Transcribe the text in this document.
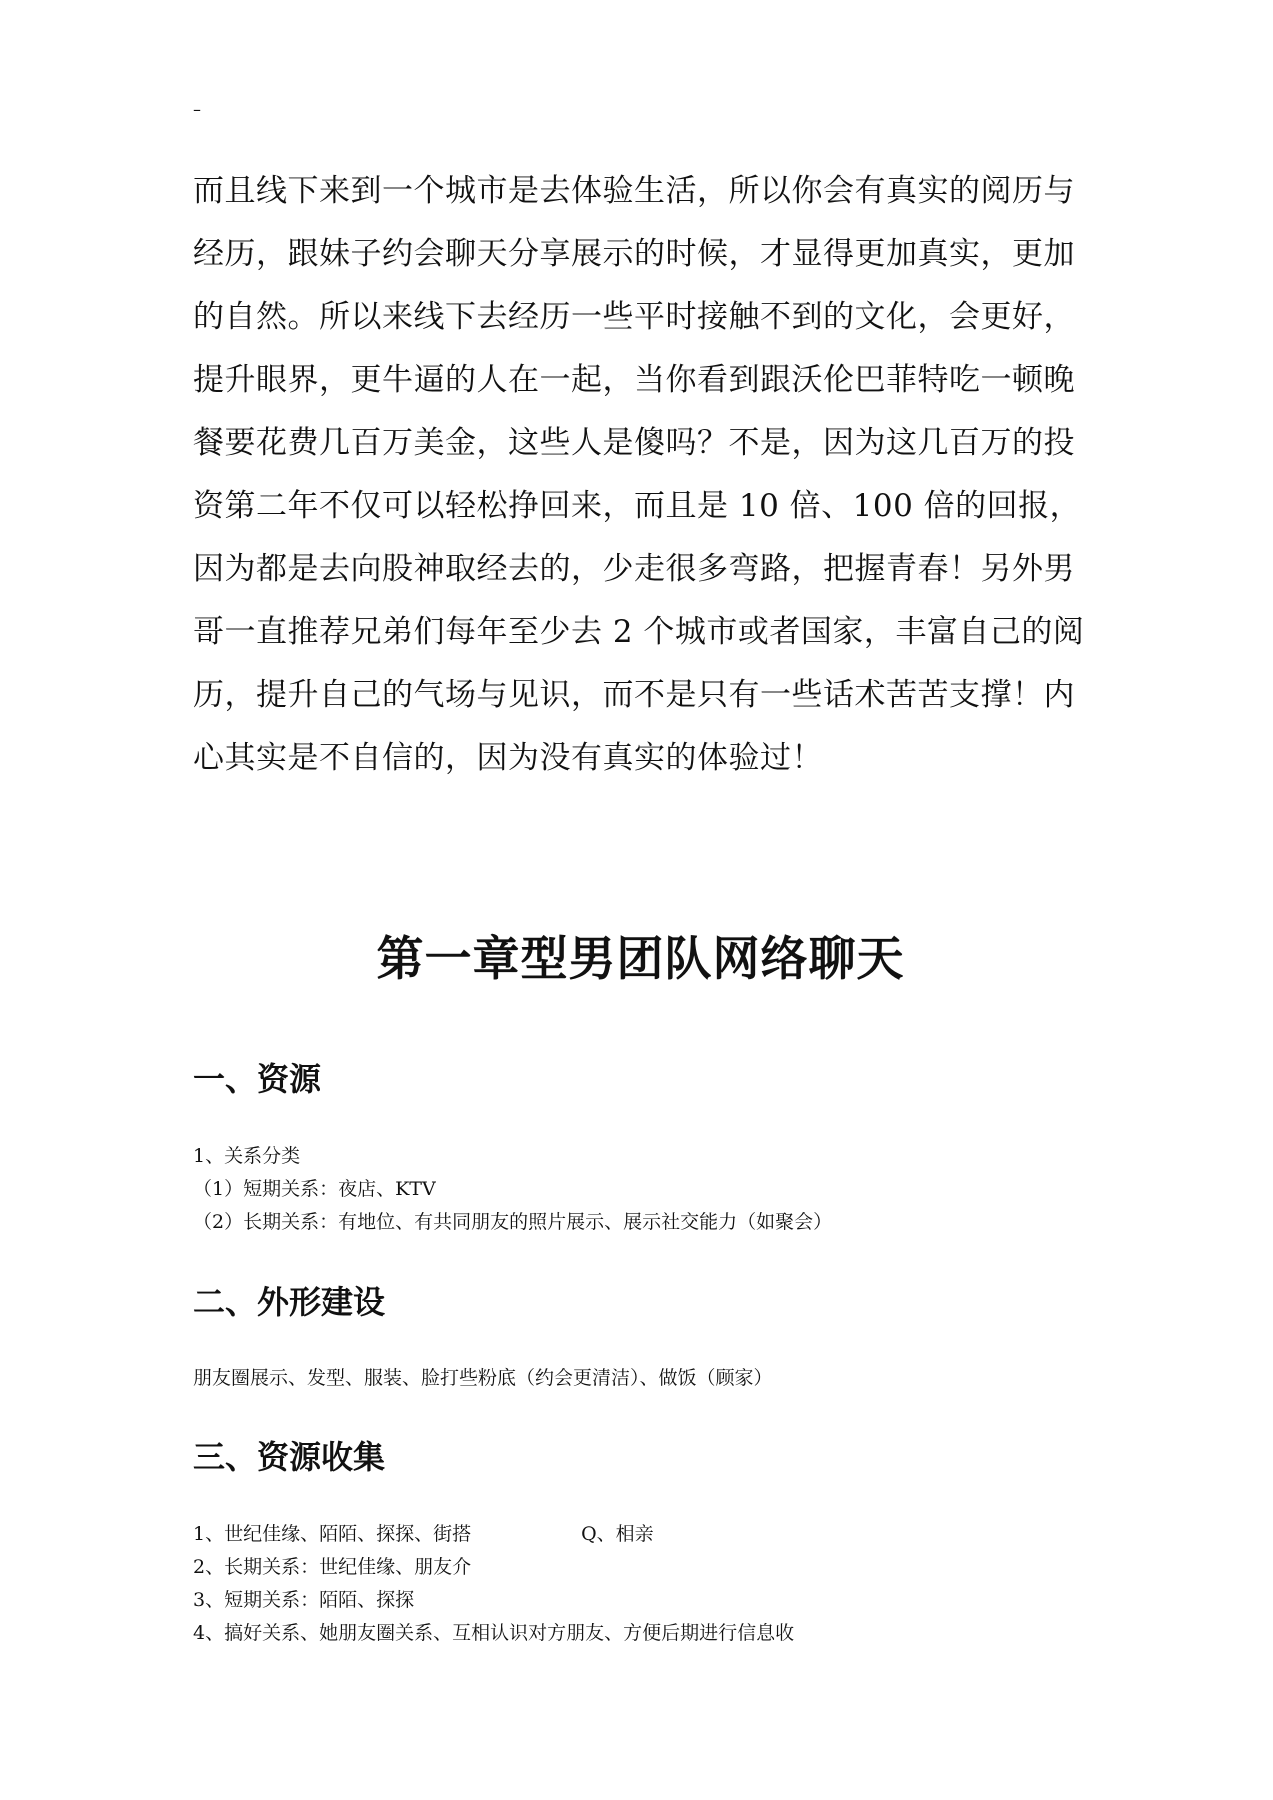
–
而且线下来到一个城市是去体验生活，所以你会有真实的阅历与
经历，跟妹子约会聊天分享展示的时候，才显得更加真实，更加
的自然。所以来线下去经历一些平时接触不到的文化，会更好，
提升眼界，更牛逼的人在一起，当你看到跟沃伦巴菲特吃一顿晚
餐要花费几百万美金，这些人是傻吗？不是，因为这几百万的投
资第二年不仅可以轻松挣回来，而且是 10 倍、100 倍的回报，
因为都是去向股神取经去的，少走很多弯路，把握青春！另外男
哥一直推荐兄弟们每年至少去 2 个城市或者国家，丰富自己的阅
历，提升自己的气场与见识，而不是只有一些话术苦苦支撑！内
心其实是不自信的，因为没有真实的体验过！
第一章型男团队网络聊天
一、资源
1、关系分类
（1）短期关系：夜店、KTV
（2）长期关系：有地位、有共同朋友的照片展示、展示社交能力（如聚会）
二、外形建设

朋友圈展示、发型、服装、脸打些粉底（约会更清洁）、做饭（顾家）

三、资源收集
1、世纪佳缘、陌陌、探探、街搭	Q、相亲
2、长期关系：世纪佳缘、朋友介
3、短期关系：陌陌、探探
4、搞好关系、她朋友圈关系、互相认识对方朋友、方便后期进行信息收
